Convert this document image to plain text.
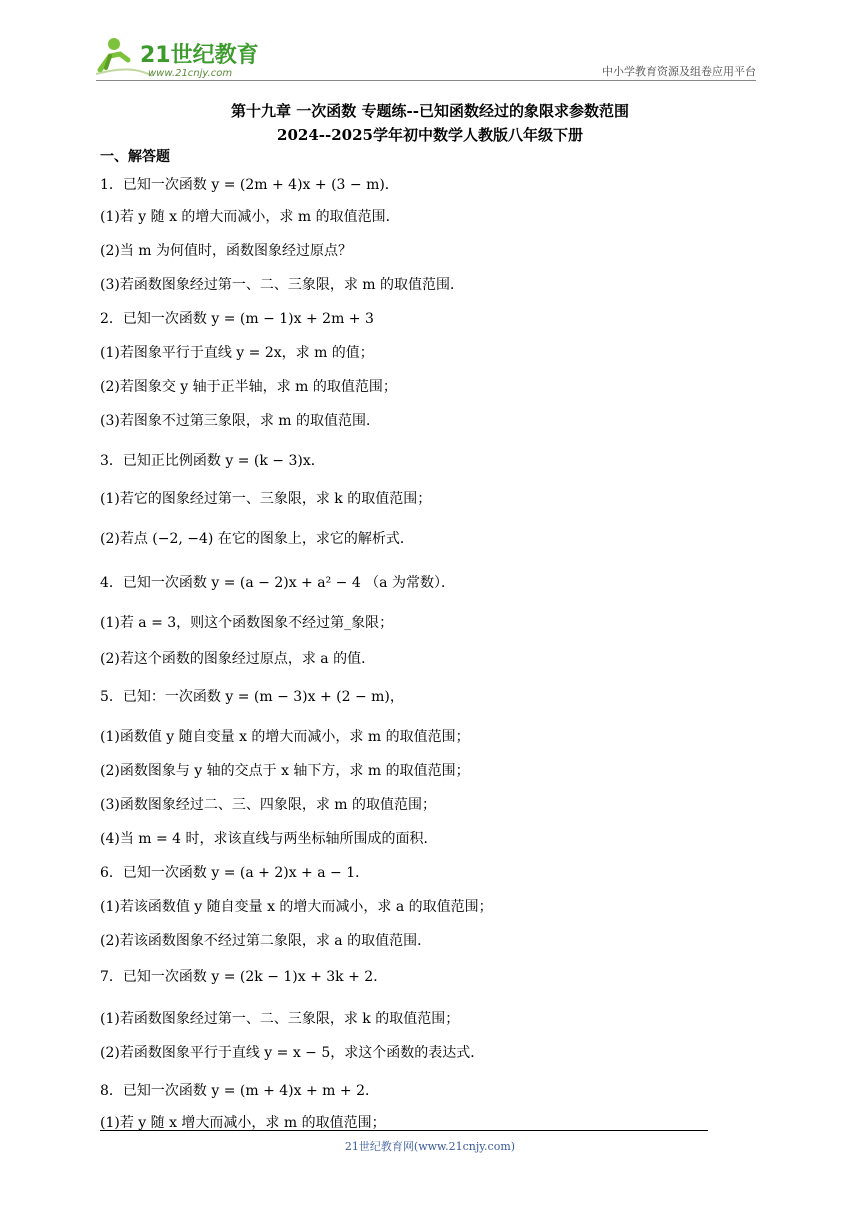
21世纪教育
www.21cnjy.com	中小学教育资源及组卷应用平台
第十九章 一次函数 专题练--已知函数经过的象限求参数范围
2024--2025学年初中数学人教版八年级下册
一、解答题
1．已知一次函数 y = (2m + 4)x + (3 − m)．
(1)若 y 随 x 的增大而减小，求 m 的取值范围．
(2)当 m 为何值时，函数图象经过原点？
(3)若函数图象经过第一、二、三象限，求 m 的取值范围．
2．已知一次函数 y = (m − 1)x + 2m + 3
(1)若图象平行于直线 y = 2x，求 m 的值；
(2)若图象交 y 轴于正半轴，求 m 的取值范围；
(3)若图象不过第三象限，求 m 的取值范围．
3．已知正比例函数 y = (k − 3)x．
(1)若它的图象经过第一、三象限，求 k 的取值范围；
(2)若点 (−2, −4) 在它的图象上，求它的解析式．
4．已知一次函数 y = (a − 2)x + a² − 4 （a 为常数）．
(1)若 a = 3，则这个函数图象不经过第_象限；
(2)若这个函数的图象经过原点，求 a 的值．
5．已知：一次函数 y = (m − 3)x + (2 − m)，
(1)函数值 y 随自变量 x 的增大而减小，求 m 的取值范围；
(2)函数图象与 y 轴的交点于 x 轴下方，求 m 的取值范围；
(3)函数图象经过二、三、四象限，求 m 的取值范围；
(4)当 m = 4 时，求该直线与两坐标轴所围成的面积．
6．已知一次函数 y = (a + 2)x + a − 1．
(1)若该函数值 y 随自变量 x 的增大而减小，求 a 的取值范围；
(2)若该函数图象不经过第二象限，求 a 的取值范围．
7．已知一次函数 y = (2k − 1)x + 3k + 2．
(1)若函数图象经过第一、二、三象限，求 k 的取值范围；
(2)若函数图象平行于直线 y = x − 5，求这个函数的表达式．
8．已知一次函数 y = (m + 4)x + m + 2．
21世纪教育网(www.21cnjy.com)
(1)若 y 随 x 增大而减小，求 m 的取值范围；
